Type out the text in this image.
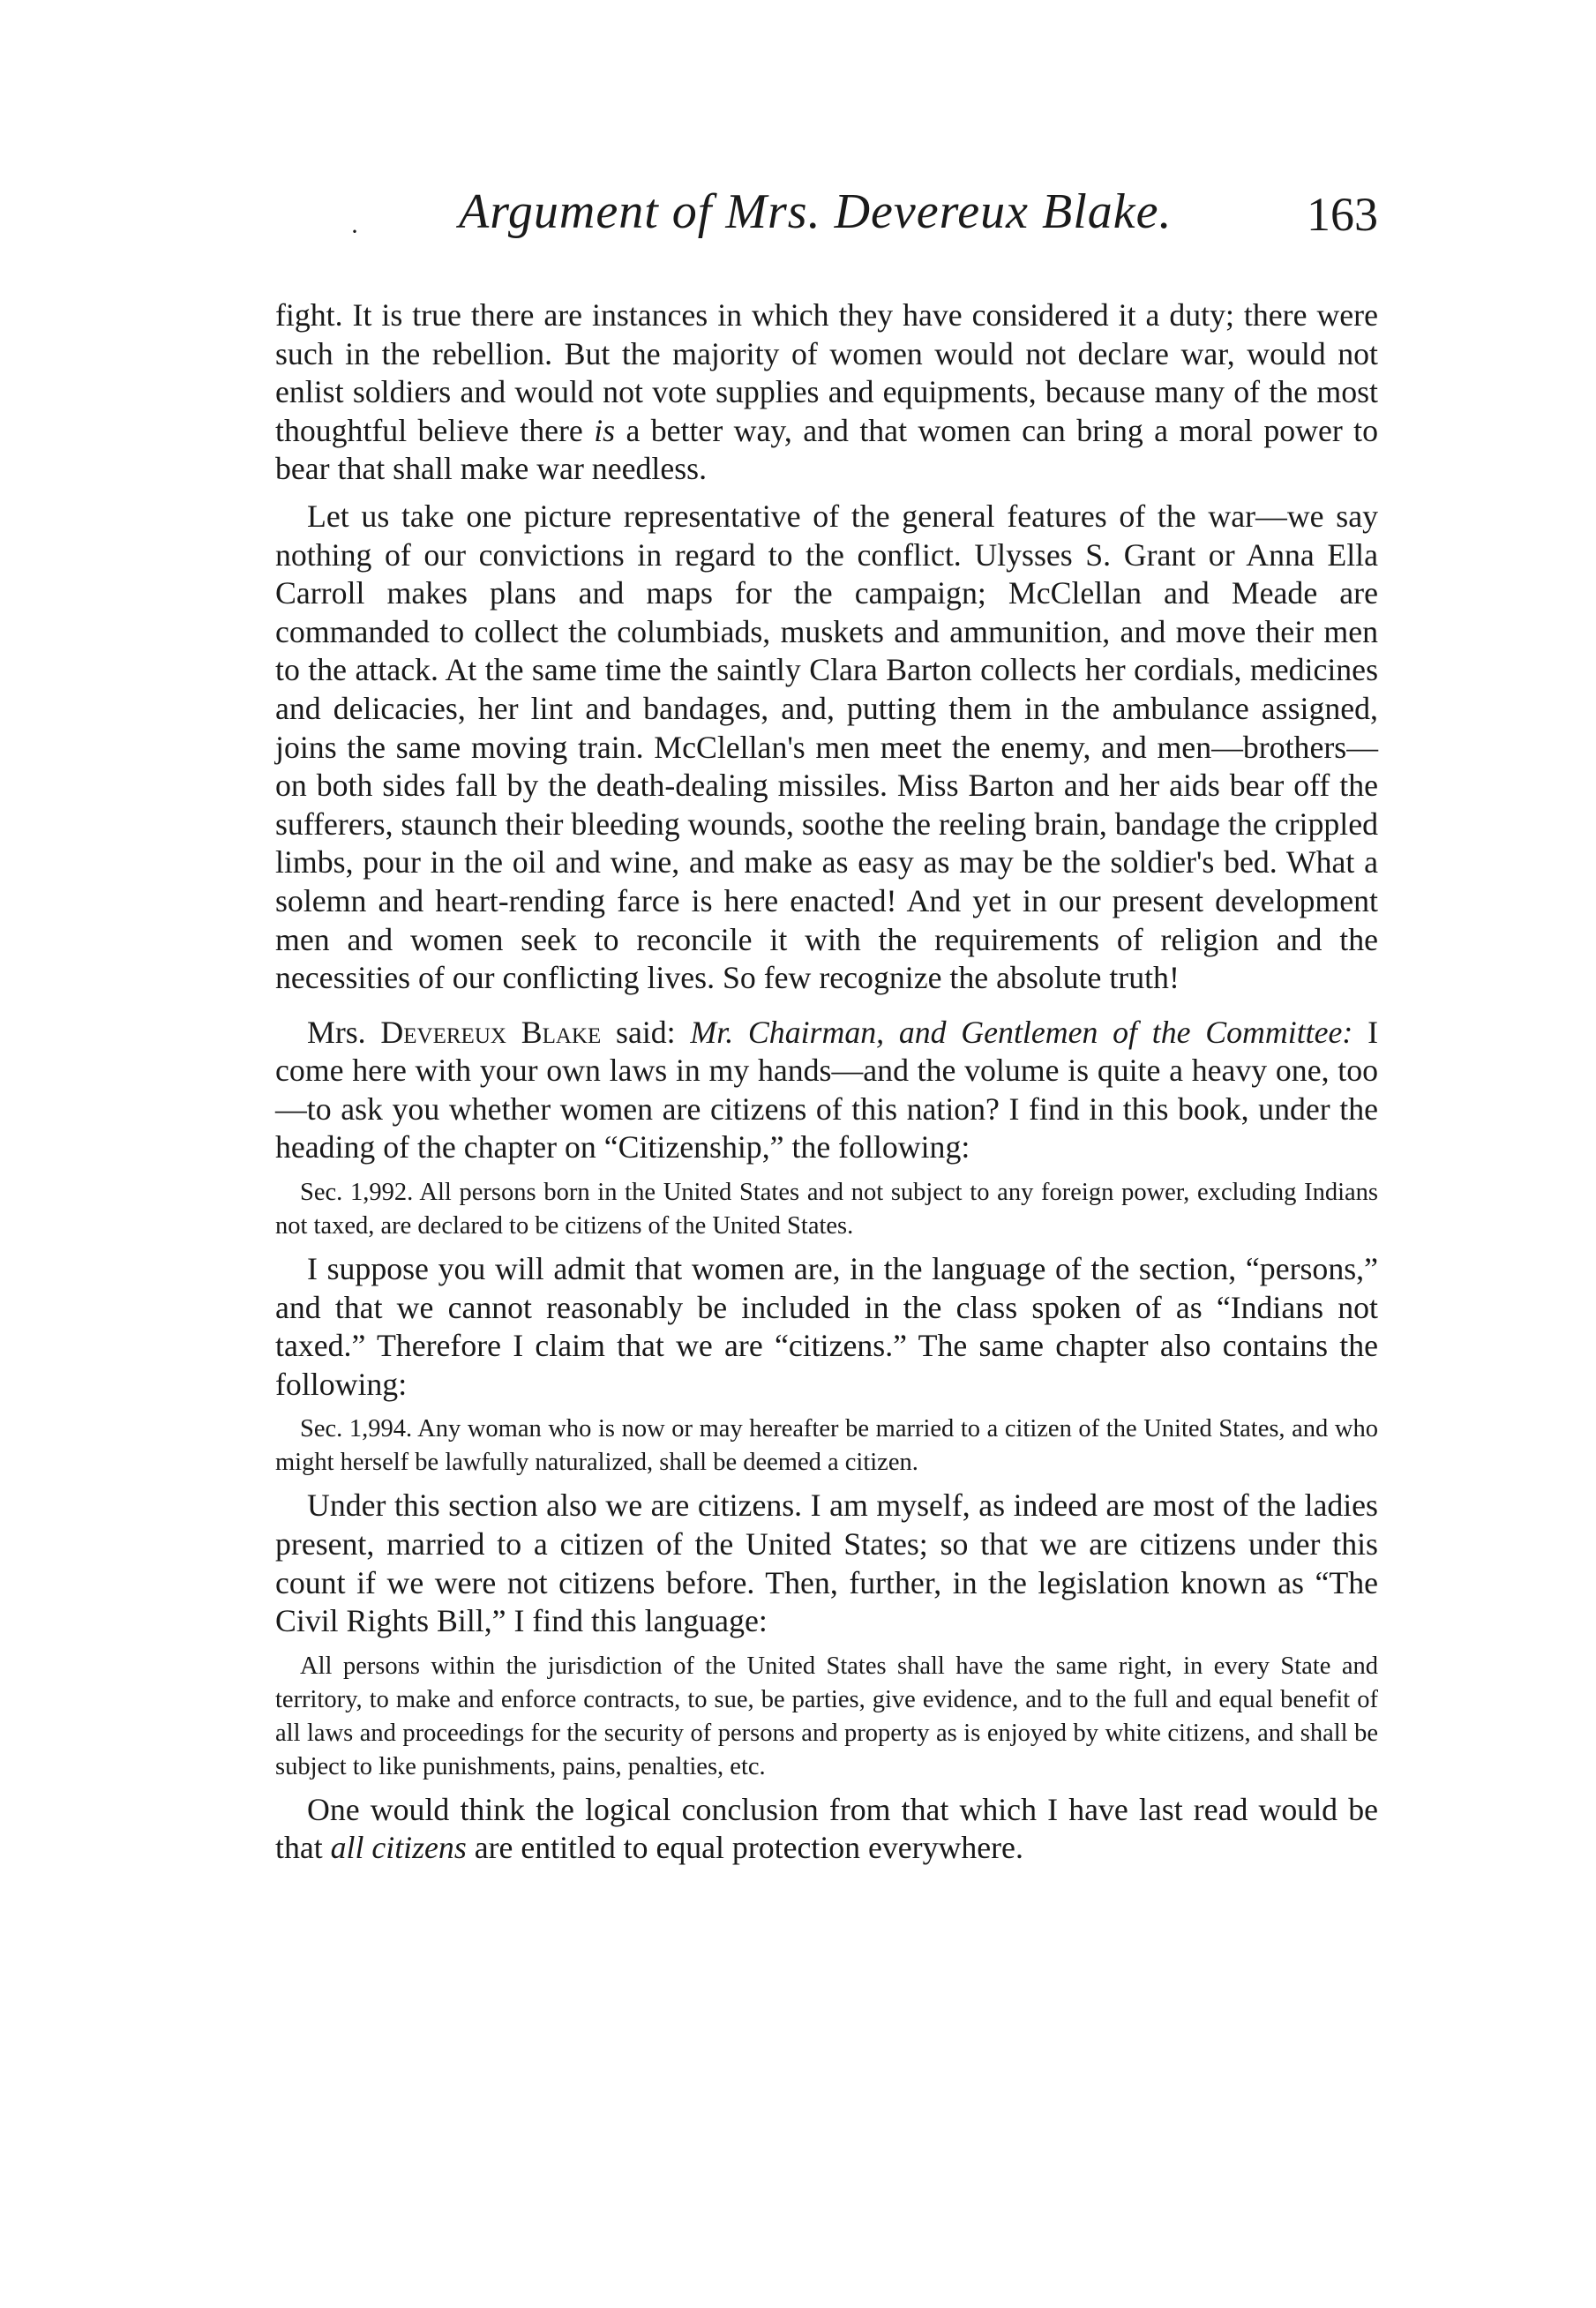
· Argument of Mrs. Devereux Blake.	163

fight. It is true there are instances in which they have considered it a duty; there were such in the rebellion. But the majority of women would not declare war, would not enlist soldiers and would not vote supplies and equipments, because many of the most thoughtful believe there is a better way, and that women can bring a moral power to bear that shall make war needless.

Let us take one picture representative of the general features of the war—we say nothing of our convictions in regard to the conflict. Ulysses S. Grant or Anna Ella Carroll makes plans and maps for the campaign; McClellan and Meade are commanded to collect the columbiads, muskets and ammunition, and move their men to the attack. At the same time the saintly Clara Barton collects her cordials, medicines and delicacies, her lint and bandages, and, putting them in the ambulance assigned, joins the same moving train. McClellan's men meet the enemy, and men—brothers—on both sides fall by the death-dealing missiles. Miss Barton and her aids bear off the sufferers, staunch their bleeding wounds, soothe the reeling brain, bandage the crippled limbs, pour in the oil and wine, and make as easy as may be the soldier's bed. What a solemn and heart-rending farce is here enacted! And yet in our present development men and women seek to reconcile it with the requirements of religion and the necessities of our conflicting lives. So few recognize the absolute truth!

Mrs. Devereux Blake said: Mr. Chairman, and Gentlemen of the Committee: I come here with your own laws in my hands—and the volume is quite a heavy one, too—to ask you whether women are citizens of this nation? I find in this book, under the heading of the chapter on “Citizenship,” the following:

Sec. 1,992. All persons born in the United States and not subject to any foreign power, excluding Indians not taxed, are declared to be citizens of the United States.

I suppose you will admit that women are, in the language of the section, “persons,” and that we cannot reasonably be included in the class spoken of as “Indians not taxed.” Therefore I claim that we are “citizens.” The same chapter also contains the following:

Sec. 1,994. Any woman who is now or may hereafter be married to a citizen of the United States, and who might herself be lawfully naturalized, shall be deemed a citizen.

Under this section also we are citizens. I am myself, as indeed are most of the ladies present, married to a citizen of the United States; so that we are citizens under this count if we were not citizens before. Then, further, in the legislation known as “The Civil Rights Bill,” I find this language:

All persons within the jurisdiction of the United States shall have the same right, in every State and territory, to make and enforce contracts, to sue, be parties, give evidence, and to the full and equal benefit of all laws and proceedings for the security of persons and property as is enjoyed by white citizens, and shall be subject to like punishments, pains, penalties, etc.

One would think the logical conclusion from that which I have last read would be that all citizens are entitled to equal protection everywhere.
